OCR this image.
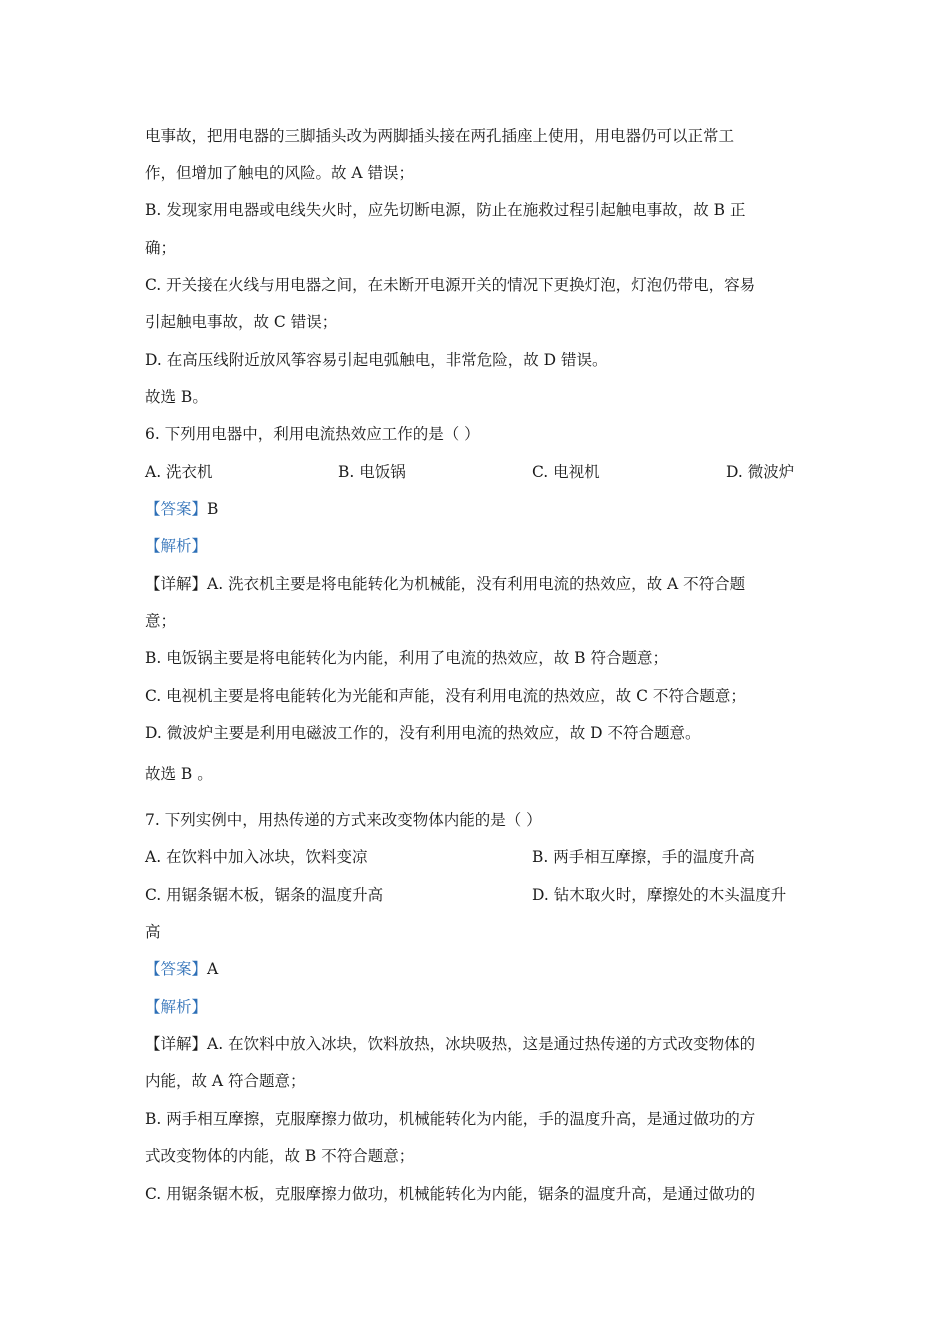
电事故，把用电器的三脚插头改为两脚插头接在两孔插座上使用，用电器仍可以正常工
作，但增加了触电的风险。故 A 错误；
B. 发现家用电器或电线失火时，应先切断电源，防止在施救过程引起触电事故，故 B 正
确；
C. 开关接在火线与用电器之间，在未断开电源开关的情况下更换灯泡，灯泡仍带电，容易
引起触电事故，故 C 错误；
D. 在高压线附近放风筝容易引起电弧触电，非常危险，故 D 错误。
故选 B。
6. 下列用电器中，利用电流热效应工作的是（ ）
A. 洗衣机	B. 电饭锅	C. 电视机	D. 微波炉
【答案】B
【解析】
【详解】A. 洗衣机主要是将电能转化为机械能，没有利用电流的热效应，故 A 不符合题
意；
B. 电饭锅主要是将电能转化为内能，利用了电流的热效应，故 B 符合题意；
C. 电视机主要是将电能转化为光能和声能，没有利用电流的热效应，故 C 不符合题意；
D. 微波炉主要是利用电磁波工作的，没有利用电流的热效应，故 D 不符合题意。
故选 B 。
7. 下列实例中，用热传递的方式来改变物体内能的是（ ）
A. 在饮料中加入冰块，饮料变凉	B. 两手相互摩擦，手的温度升高
C. 用锯条锯木板，锯条的温度升高	D. 钻木取火时，摩擦处的木头温度升
高
【答案】A
【解析】
【详解】A. 在饮料中放入冰块，饮料放热，冰块吸热，这是通过热传递的方式改变物体的
内能，故 A 符合题意；
B. 两手相互摩擦，克服摩擦力做功，机械能转化为内能，手的温度升高，是通过做功的方
式改变物体的内能，故 B 不符合题意；
C. 用锯条锯木板，克服摩擦力做功，机械能转化为内能，锯条的温度升高，是通过做功的
